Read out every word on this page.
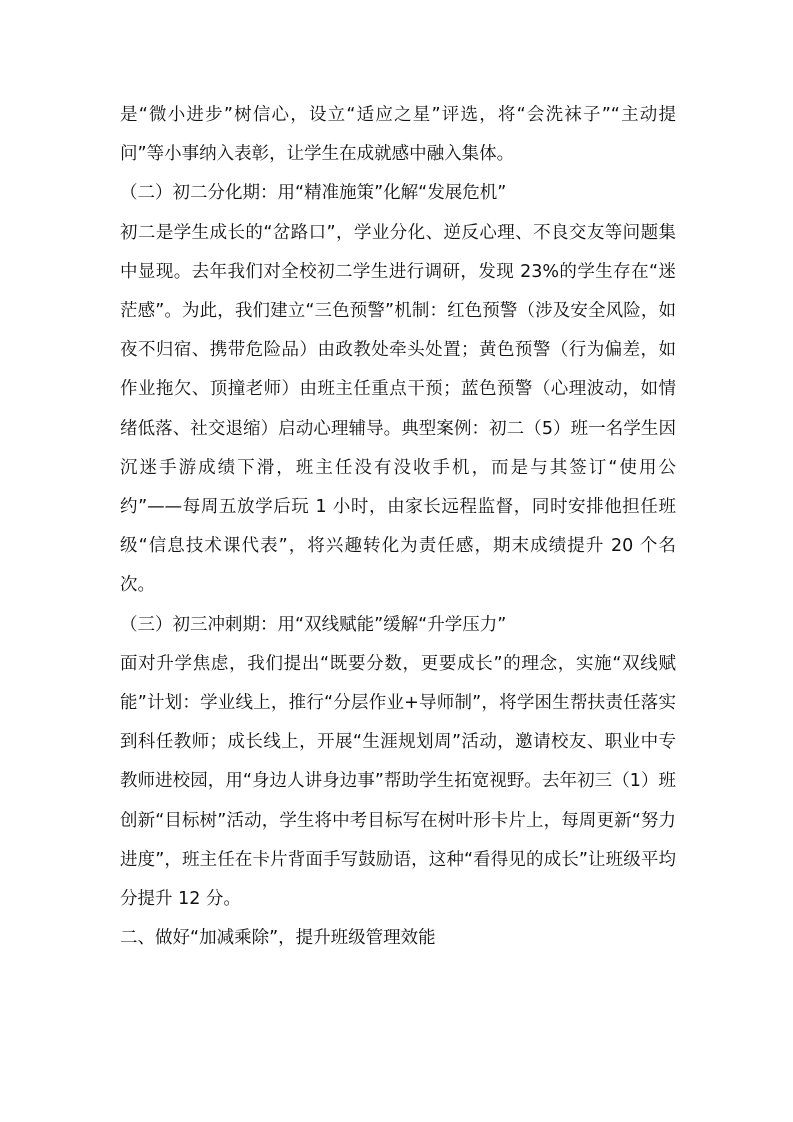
是“微小进步”树信心，设立“适应之星”评选，将“会洗袜子”“主动提问”等小事纳入表彰，让学生在成就感中融入集体。

（二）初二分化期：用“精准施策”化解“发展危机”

初二是学生成长的“岔路口”，学业分化、逆反心理、不良交友等问题集中显现。去年我们对全校初二学生进行调研，发现 23%的学生存在“迷茫感”。为此，我们建立“三色预警”机制：红色预警（涉及安全风险，如夜不归宿、携带危险品）由政教处牵头处置；黄色预警（行为偏差，如作业拖欠、顶撞老师）由班主任重点干预；蓝色预警（心理波动，如情绪低落、社交退缩）启动心理辅导。典型案例：初二（5）班一名学生因沉迷手游成绩下滑，班主任没有没收手机，而是与其签订“使用公约”——每周五放学后玩 1 小时，由家长远程监督，同时安排他担任班级“信息技术课代表”，将兴趣转化为责任感，期末成绩提升 20 个名次。

（三）初三冲刺期：用“双线赋能”缓解“升学压力”

面对升学焦虑，我们提出“既要分数，更要成长”的理念，实施“双线赋能”计划：学业线上，推行“分层作业+导师制”，将学困生帮扶责任落实到科任教师；成长线上，开展“生涯规划周”活动，邀请校友、职业中专教师进校园，用“身边人讲身边事”帮助学生拓宽视野。去年初三（1）班创新“目标树”活动，学生将中考目标写在树叶形卡片上，每周更新“努力进度”，班主任在卡片背面手写鼓励语，这种“看得见的成长”让班级平均分提升 12 分。

二、做好“加减乘除”，提升班级管理效能
